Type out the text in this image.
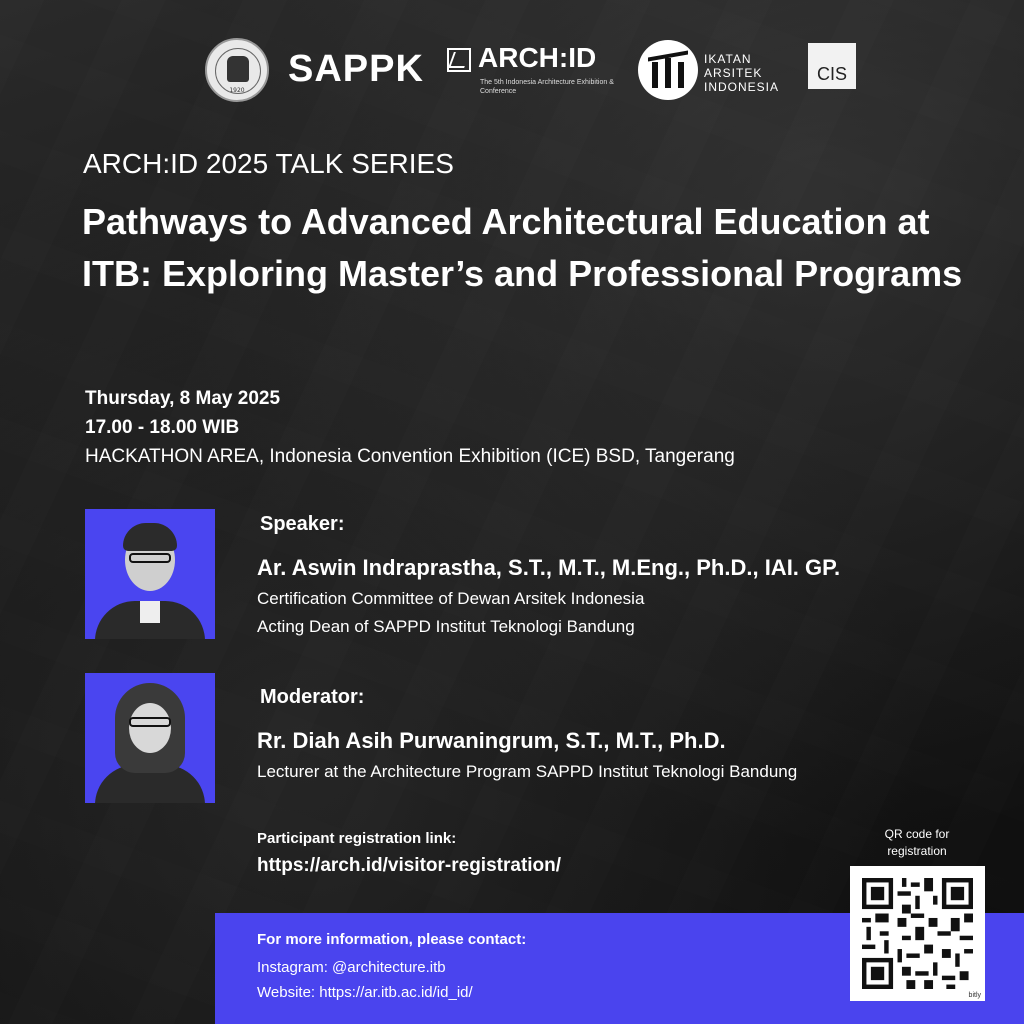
1920
SAPPK ARCH:ID
The 5th Indonesia Architecture Exhibition & Conference
IKATAN
ARSITEK
INDONESIA
CIS
ARCH:ID 2025 TALK SERIES
Pathways to Advanced Architectural Education at ITB: Exploring Master’s and Professional Programs
Thursday, 8 May 2025
17.00 - 18.00 WIB
HACKATHON AREA, Indonesia Convention Exhibition (ICE) BSD, Tangerang
Speaker:
Ar. Aswin Indraprastha, S.T., M.T., M.Eng., Ph.D., IAI. GP.
Certification Committee of Dewan Arsitek Indonesia
Acting Dean of SAPPD Institut Teknologi Bandung
Moderator:
Rr. Diah Asih Purwaningrum, S.T., M.T., Ph.D.
Lecturer at the Architecture Program SAPPD Institut Teknologi Bandung
Participant registration link:
https://arch.id/visitor-registration/
For more information, please contact:
Instagram: @architecture.itb
Website: https://ar.itb.ac.id/id_id/
QR code for
registration
bitly
